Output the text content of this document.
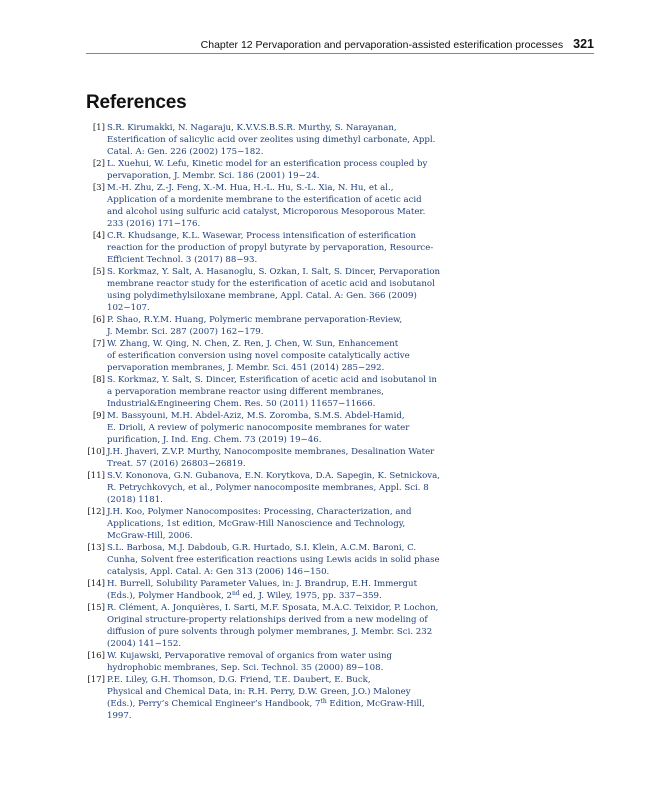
Chapter 12 Pervaporation and pervaporation-assisted esterification processes 321
References
[1] S.R. Kirumakki, N. Nagaraju, K.V.V.S.B.S.R. Murthy, S. Narayanan,
Esterification of salicylic acid over zeolites using dimethyl carbonate, Appl.
Catal. A: Gen. 226 (2002) 175−182.
[2] L. Xuehui, W. Lefu, Kinetic model for an esterification process coupled by
pervaporation, J. Membr. Sci. 186 (2001) 19−24.
[3] M.-H. Zhu, Z.-J. Feng, X.-M. Hua, H.-L. Hu, S.-L. Xia, N. Hu, et al.,
Application of a mordenite membrane to the esterification of acetic acid
and alcohol using sulfuric acid catalyst, Microporous Mesoporous Mater.
233 (2016) 171−176.
[4] C.R. Khudsange, K.L. Wasewar, Process intensification of esterification
reaction for the production of propyl butyrate by pervaporation, Resource-
Efficient Technol. 3 (2017) 88−93.
[5] S. Korkmaz, Y. Salt, A. Hasanoglu, S. Ozkan, I. Salt, S. Dincer, Pervaporation
membrane reactor study for the esterification of acetic acid and isobutanol
using polydimethylsiloxane membrane, Appl. Catal. A: Gen. 366 (2009)
102−107.
[6] P. Shao, R.Y.M. Huang, Polymeric membrane pervaporation-Review,
J. Membr. Sci. 287 (2007) 162−179.
[7] W. Zhang, W. Qing, N. Chen, Z. Ren, J. Chen, W. Sun, Enhancement
of esterification conversion using novel composite catalytically active
pervaporation membranes, J. Membr. Sci. 451 (2014) 285−292.
[8] S. Korkmaz, Y. Salt, S. Dincer, Esterification of acetic acid and isobutanol in
a pervaporation membrane reactor using different membranes,
Industrial&Engineering Chem. Res. 50 (2011) 11657−11666.
[9] M. Bassyouni, M.H. Abdel-Aziz, M.S. Zoromba, S.M.S. Abdel-Hamid,
E. Drioli, A review of polymeric nanocomposite membranes for water
purification, J. Ind. Eng. Chem. 73 (2019) 19−46.
[10] J.H. Jhaveri, Z.V.P. Murthy, Nanocomposite membranes, Desalination Water
Treat. 57 (2016) 26803−26819.
[11] S.V. Kononova, G.N. Gubanova, E.N. Korytkova, D.A. Sapegin, K. Setnickova,
R. Petrychkovych, et al., Polymer nanocomposite membranes, Appl. Sci. 8
(2018) 1181.
[12] J.H. Koo, Polymer Nanocomposites: Processing, Characterization, and
Applications, 1st edition, McGraw-Hill Nanoscience and Technology,
McGraw-Hill, 2006.
[13] S.L. Barbosa, M.J. Dabdoub, G.R. Hurtado, S.I. Klein, A.C.M. Baroni, C.
Cunha, Solvent free esterification reactions using Lewis acids in solid phase
catalysis, Appl. Catal. A: Gen 313 (2006) 146−150.
[14] H. Burrell, Solubility Parameter Values, in: J. Brandrup, E.H. Immergut
(Eds.), Polymer Handbook, 2nd ed, J. Wiley, 1975, pp. 337−359.
[15] R. Clément, A. Jonquières, I. Sarti, M.F. Sposata, M.A.C. Teixidor, P. Lochon,
Original structure-property relationships derived from a new modeling of
diffusion of pure solvents through polymer membranes, J. Membr. Sci. 232
(2004) 141−152.
[16] W. Kujawski, Pervaporative removal of organics from water using
hydrophobic membranes, Sep. Sci. Technol. 35 (2000) 89−108.
[17] P.E. Liley, G.H. Thomson, D.G. Friend, T.E. Daubert, E. Buck,
Physical and Chemical Data, in: R.H. Perry, D.W. Green, J.O.) Maloney
(Eds.), Perry’s Chemical Engineer’s Handbook, 7th Edition, McGraw-Hill,
1997.
